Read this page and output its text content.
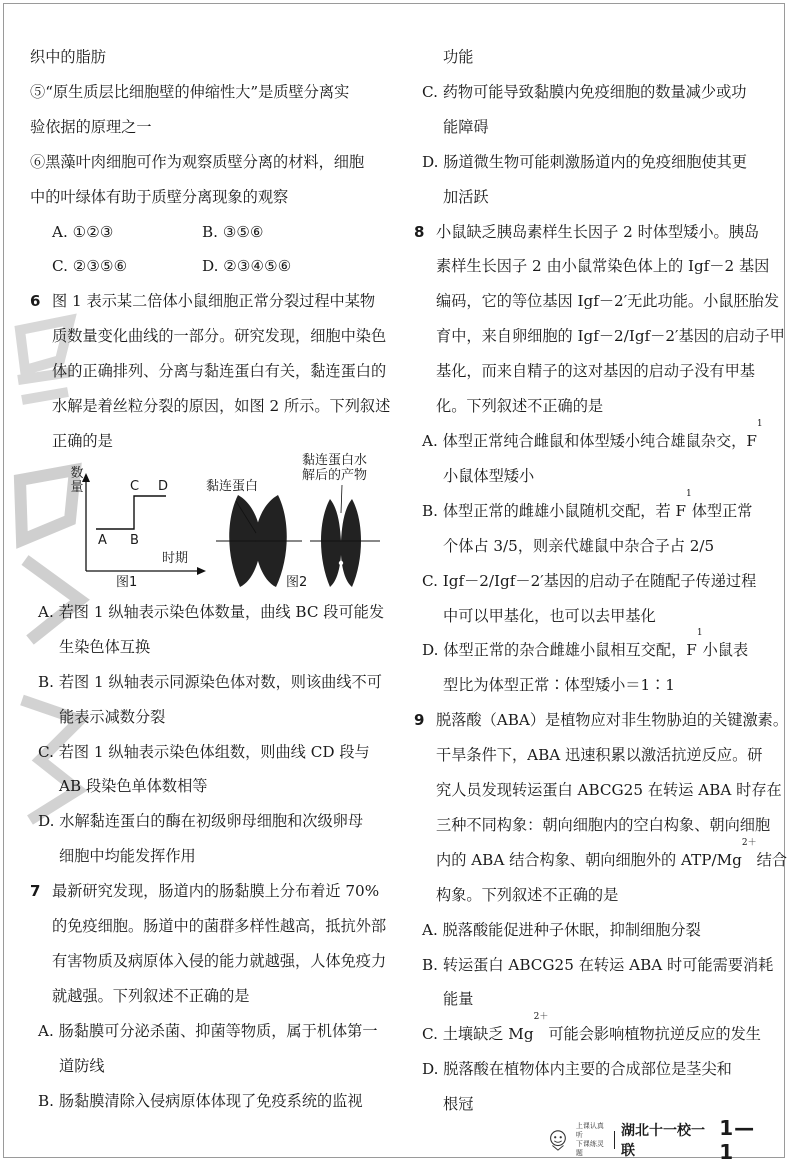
织中的脂肪
⑤“原生质层比细胞壁的伸缩性大”是质壁分离实
验依据的原理之一
⑥黑藻叶肉细胞可作为观察质壁分离的材料，细胞
中的叶绿体有助于质壁分离现象的观察
A. ①②③	B. ③⑤⑥
C. ②③⑤⑥	D. ②③④⑤⑥
6 图 1 表示某二倍体小鼠细胞正常分裂过程中某物
质数量变化曲线的一部分。研究发现，细胞中染色
体的正确排列、分离与黏连蛋白有关，黏连蛋白的
水解是着丝粒分裂的原因，如图 2 所示。下列叙述
正确的是
数量
A B
C D
时期
图1
黏连蛋白
黏连蛋白水
解后的产物
图2
A. 若图 1 纵轴表示染色体数量，曲线 BC 段可能发
生染色体互换
B. 若图 1 纵轴表示同源染色体对数，则该曲线不可
能表示减数分裂
C. 若图 1 纵轴表示染色体组数，则曲线 CD 段与
AB 段染色单体数相等
D. 水解黏连蛋白的酶在初级卵母细胞和次级卵母
细胞中均能发挥作用
7 最新研究发现，肠道内的肠黏膜上分布着近 70%
的免疫细胞。肠道中的菌群多样性越高，抵抗外部
有害物质及病原体入侵的能力就越强，人体免疫力
就越强。下列叙述不正确的是
A. 肠黏膜可分泌杀菌、抑菌等物质，属于机体第一
道防线
B. 肠黏膜清除入侵病原体体现了免疫系统的监视
功能
C. 药物可能导致黏膜内免疫细胞的数量减少或功
能障碍
D. 肠道微生物可能刺激肠道内的免疫细胞使其更
加活跃
8 小鼠缺乏胰岛素样生长因子 2 时体型矮小。胰岛
素样生长因子 2 由小鼠常染色体上的 Igf－2 基因
编码，它的等位基因 Igf－2′无此功能。小鼠胚胎发
育中，来自卵细胞的 Igf－2/Igf－2′基因的启动子甲
基化，而来自精子的这对基因的启动子没有甲基
化。下列叙述不正确的是
A. 体型正常纯合雌鼠和体型矮小纯合雄鼠杂交，F
1
小鼠体型矮小
B. 体型正常的雌雄小鼠随机交配，若 F
1
体型正常
个体占 3/5，则亲代雄鼠中杂合子占 2/5
C. Igf－2/Igf－2′基因的启动子在随配子传递过程
中可以甲基化，也可以去甲基化
D. 体型正常的杂合雌雄小鼠相互交配，F
1
小鼠表
型比为体型正常∶体型矮小＝1∶1
9 脱落酸（ABA）是植物应对非生物胁迫的关键激素。
干旱条件下，ABA 迅速积累以激活抗逆反应。研
究人员发现转运蛋白 ABCG25 在转运 ABA 时存在
三种不同构象：朝向细胞内的空白构象、朝向细胞
内的 ABA 结合构象、朝向细胞外的 ATP/Mg
2＋
结合
构象。下列叙述不正确的是
A. 脱落酸能促进种子休眠，抑制细胞分裂
B. 转运蛋白 ABCG25 在转运 ABA 时可能需要消耗
能量
C. 土壤缺乏 Mg
2＋
可能会影响植物抗逆反应的发生
D. 脱落酸在植物体内主要的合成部位是茎尖和
根冠
上课认真听
下课练灵题
湖北十一校一联
1—1
